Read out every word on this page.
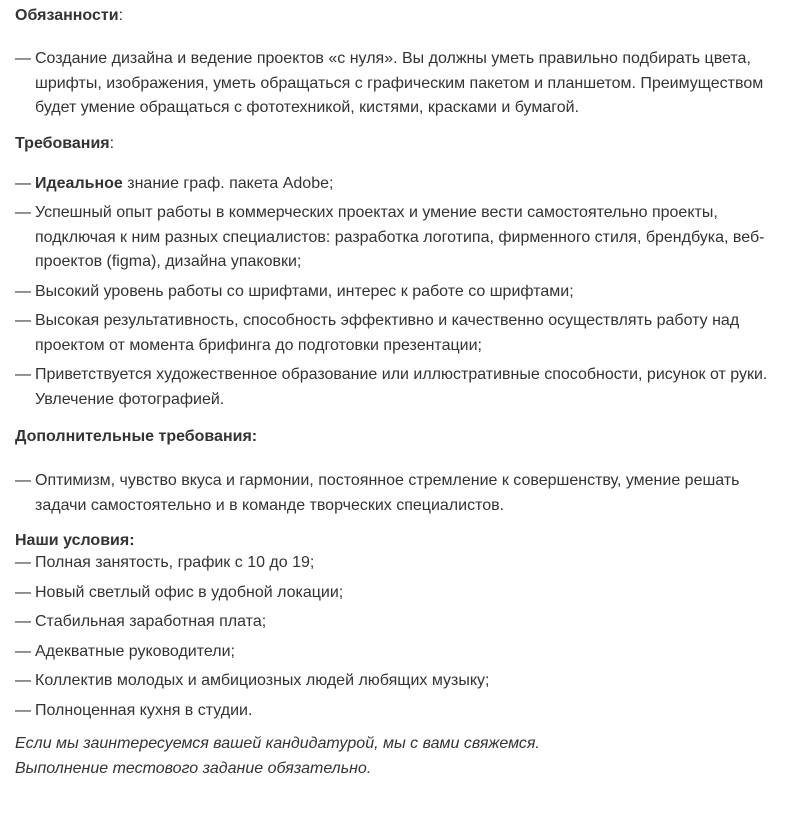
Обязанности:
— Создание дизайна и ведение проектов «с нуля». Вы должны уметь правильно подбирать цвета, шрифты, изображения, уметь обращаться с графическим пакетом и планшетом. Преимуществом будет умение обращаться с фототехникой, кистями, красками и бумагой.
Требования:
— Идеальное знание граф. пакета Adobe;
— Успешный опыт работы в коммерческих проектах и умение вести самостоятельно проекты, подключая к ним разных специалистов: разработка логотипа, фирменного стиля, брендбука, веб-проектов (figma), дизайна упаковки;
— Высокий уровень работы со шрифтами, интерес к работе со шрифтами;
— Высокая результативность, способность эффективно и качественно осуществлять работу над проектом от момента брифинга до подготовки презентации;
— Приветствуется художественное образование или иллюстративные способности, рисунок от руки. Увлечение фотографией.
Дополнительные требования:
— Оптимизм, чувство вкуса и гармонии, постоянное стремление к совершенству, умение решать задачи самостоятельно и в команде творческих специалистов.
Наши условия:
— Полная занятость, график с 10 до 19;
— Новый светлый офис в удобной локации;
— Стабильная заработная плата;
— Адекватные руководители;
— Коллектив молодых и амбициозных людей любящих музыку;
— Полноценная кухня в студии.
Если мы заинтересуемся вашей кандидатурой, мы с вами свяжемся.
Выполнение тестового задание обязательно.
